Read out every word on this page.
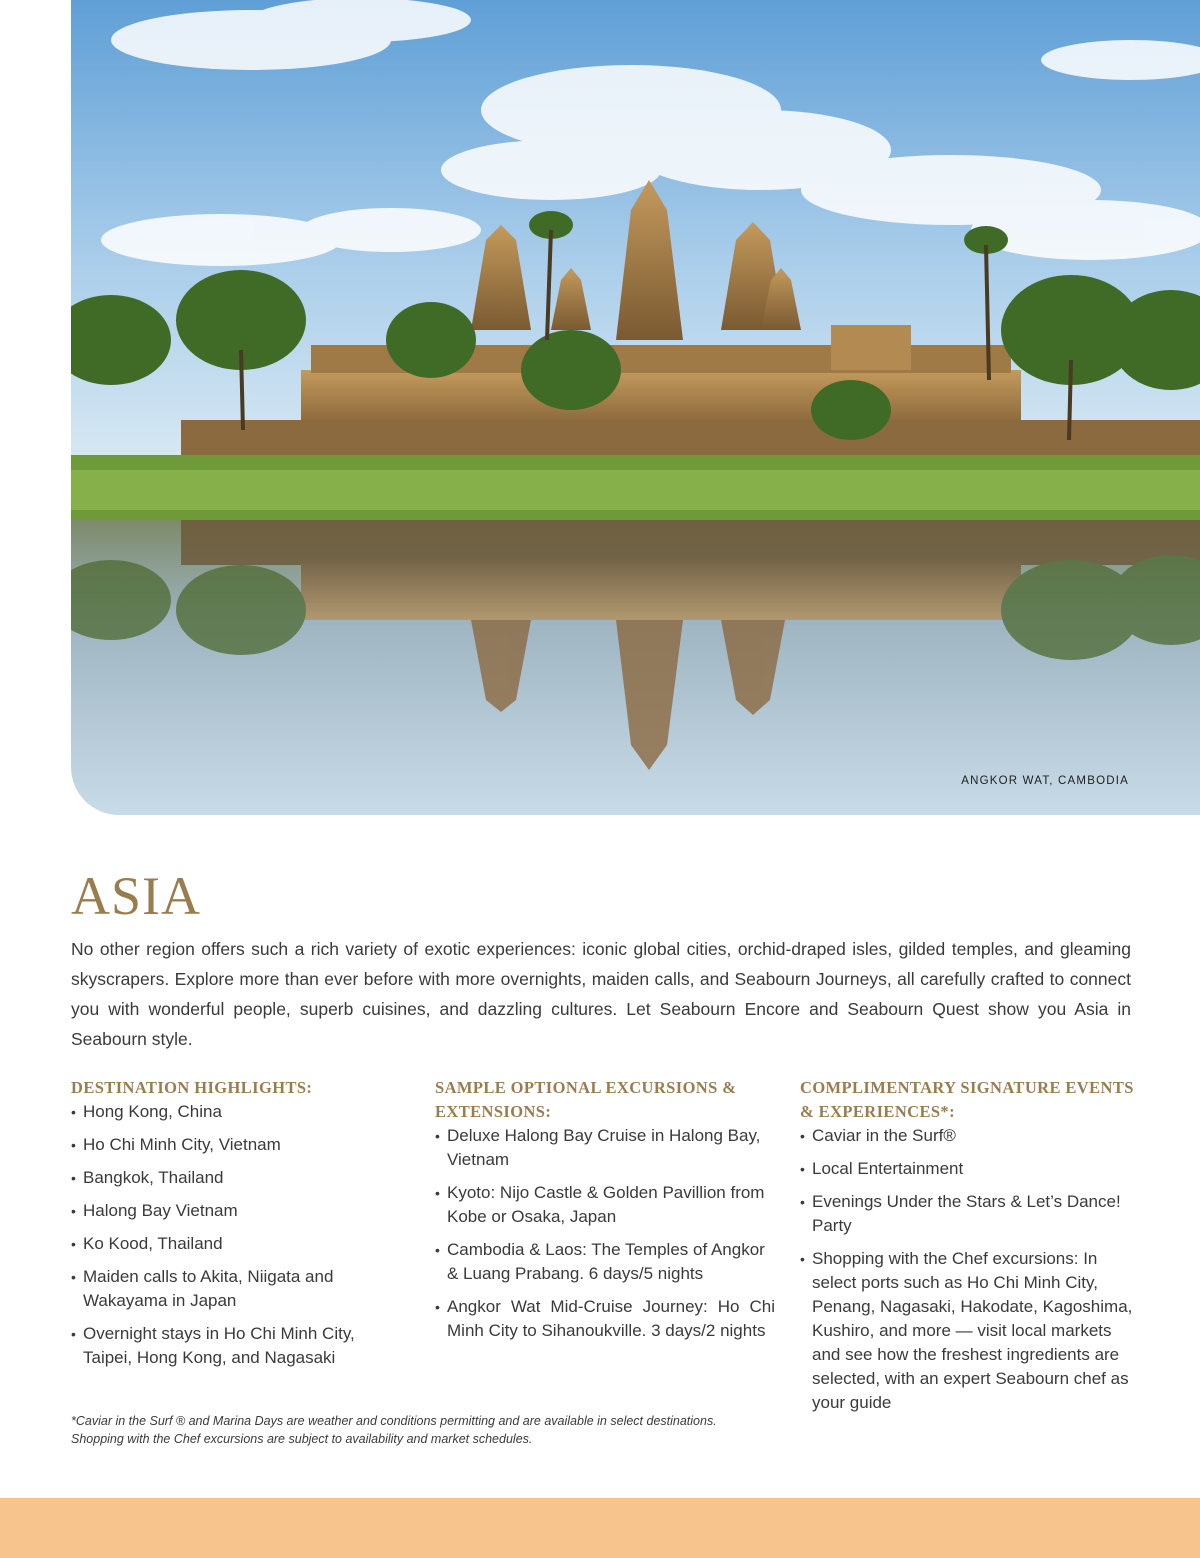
ANGKOR WAT, CAMBODIA
ASIA

No other region offers such a rich variety of exotic experiences: iconic global cities, orchid-draped isles, gilded temples, and gleaming skyscrapers. Explore more than ever before with more overnights, maiden calls, and Seabourn Journeys, all carefully crafted to connect you with wonderful people, superb cuisines, and dazzling cultures. Let Seabourn Encore and Seabourn Quest show you Asia in Seabourn style.

DESTINATION HIGHLIGHTS:
• Hong Kong, China
• Ho Chi Minh City, Vietnam
• Bangkok, Thailand
• Halong Bay Vietnam
• Ko Kood, Thailand
• Maiden calls to Akita, Niigata and Wakayama in Japan
• Overnight stays in Ho Chi Minh City, Taipei, Hong Kong, and Nagasaki
SAMPLE OPTIONAL EXCURSIONS & EXTENSIONS:
• Deluxe Halong Bay Cruise in Halong Bay, Vietnam
• Kyoto: Nijo Castle & Golden Pavillion from Kobe or Osaka, Japan
• Cambodia & Laos: The Temples of Angkor & Luang Prabang. 6 days/5 nights
• Angkor Wat Mid-Cruise Journey: Ho Chi Minh City to Sihanoukville. 3 days/2 nights
COMPLIMENTARY SIGNATURE EVENTS & EXPERIENCES*:
• Caviar in the Surf®
• Local Entertainment
• Evenings Under the Stars & Let’s Dance! Party
• Shopping with the Chef excursions: In select ports such as Ho Chi Minh City, Penang, Nagasaki, Hakodate, Kagoshima, Kushiro, and more — visit local markets and see how the freshest ingredients are selected, with an expert Seabourn chef as your guide

*Caviar in the Surf ® and Marina Days are weather and conditions permitting and are available in select destinations. Shopping with the Chef excursions are subject to availability and market schedules.
